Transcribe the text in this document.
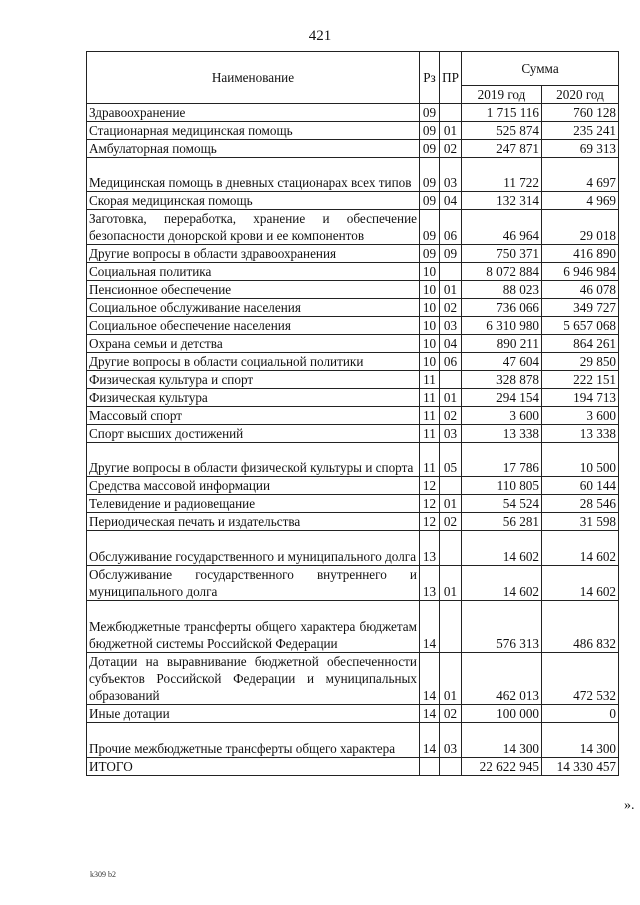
421
Наименование	Рз	ПР	Сумма	
			2019 год	2020 год
Здравоохранение	09		1 715 116	760 128
Стационарная медицинская помощь	09	01	525 874	235 241
Амбулаторная помощь	09	02	247 871	69 313
Медицинская помощь в дневных стационарах всех типов	09	03	11 722	4 697
Скорая медицинская помощь	09	04	132 314	4 969
Заготовка, переработка, хранение и обеспечение безопасности донорской крови и ее компонентов	09	06	46 964	29 018
Другие вопросы в области здравоохранения	09	09	750 371	416 890
Социальная политика	10		8 072 884	6 946 984
Пенсионное обеспечение	10	01	88 023	46 078
Социальное обслуживание населения	10	02	736 066	349 727
Социальное обеспечение населения	10	03	6 310 980	5 657 068
Охрана семьи и детства	10	04	890 211	864 261
Другие вопросы в области социальной политики	10	06	47 604	29 850
Физическая культура и спорт	11		328 878	222 151
Физическая культура	11	01	294 154	194 713
Массовый спорт	11	02	3 600	3 600
Спорт высших достижений	11	03	13 338	13 338
Другие вопросы в области физической культуры и спорта	11	05	17 786	10 500
Средства массовой информации	12		110 805	60 144
Телевидение и радиовещание	12	01	54 524	28 546
Периодическая печать и издательства	12	02	56 281	31 598
Обслуживание государственного и муниципального долга	13		14 602	14 602
Обслуживание государственного внутреннего и муниципального долга	13	01	14 602	14 602
Межбюджетные трансферты общего характера бюджетам бюджетной системы Российской Федерации	14		576 313	486 832
Дотации на выравнивание бюджетной обеспеченности субъектов Российской Федерации и муниципальных образований	14	01	462 013	472 532
Иные дотации	14	02	100 000	0
Прочие межбюджетные трансферты общего характера	14	03	14 300	14 300
ИТОГО			22 622 945	14 330 457
».
k309 b2
